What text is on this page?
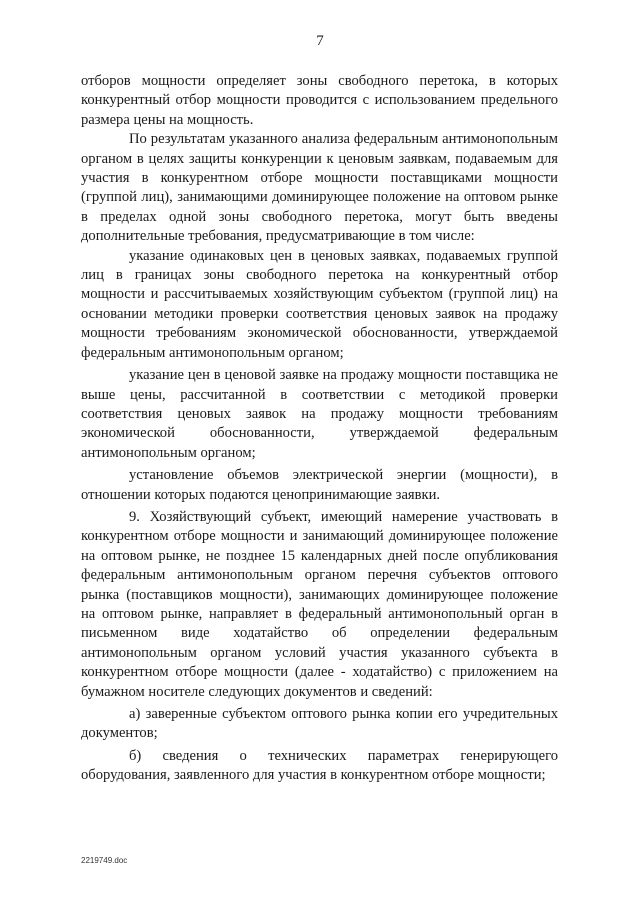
7

отборов мощности определяет зоны свободного перетока, в которых конкурентный отбор мощности проводится с использованием предельного размера цены на мощность.

По результатам указанного анализа федеральным антимонопольным органом в целях защиты конкуренции к ценовым заявкам, подаваемым для участия в конкурентном отборе мощности поставщиками мощности (группой лиц), занимающими доминирующее положение на оптовом рынке в пределах одной зоны свободного перетока, могут быть введены дополнительные требования, предусматривающие в том числе:

указание одинаковых цен в ценовых заявках, подаваемых группой лиц в границах зоны свободного перетока на конкурентный отбор мощности и рассчитываемых хозяйствующим субъектом (группой лиц) на основании методики проверки соответствия ценовых заявок на продажу мощности требованиям экономической обоснованности, утверждаемой федеральным антимонопольным органом;

указание цен в ценовой заявке на продажу мощности поставщика не выше цены, рассчитанной в соответствии с методикой проверки соответствия ценовых заявок на продажу мощности требованиям экономической обоснованности, утверждаемой федеральным антимонопольным органом;

установление объемов электрической энергии (мощности), в отношении которых подаются ценопринимающие заявки.

9. Хозяйствующий субъект, имеющий намерение участвовать в конкурентном отборе мощности и занимающий доминирующее положение на оптовом рынке, не позднее 15 календарных дней после опубликования федеральным антимонопольным органом перечня субъектов оптового рынка (поставщиков мощности), занимающих доминирующее положение на оптовом рынке, направляет в федеральный антимонопольный орган в письменном виде ходатайство об определении федеральным антимонопольным органом условий участия указанного субъекта в конкурентном отборе мощности (далее - ходатайство) с приложением на бумажном носителе следующих документов и сведений:

а) заверенные субъектом оптового рынка копии его учредительных документов;

б) сведения о технических параметрах генерирующего оборудования, заявленного для участия в конкурентном отборе мощности;

2219749.doc
